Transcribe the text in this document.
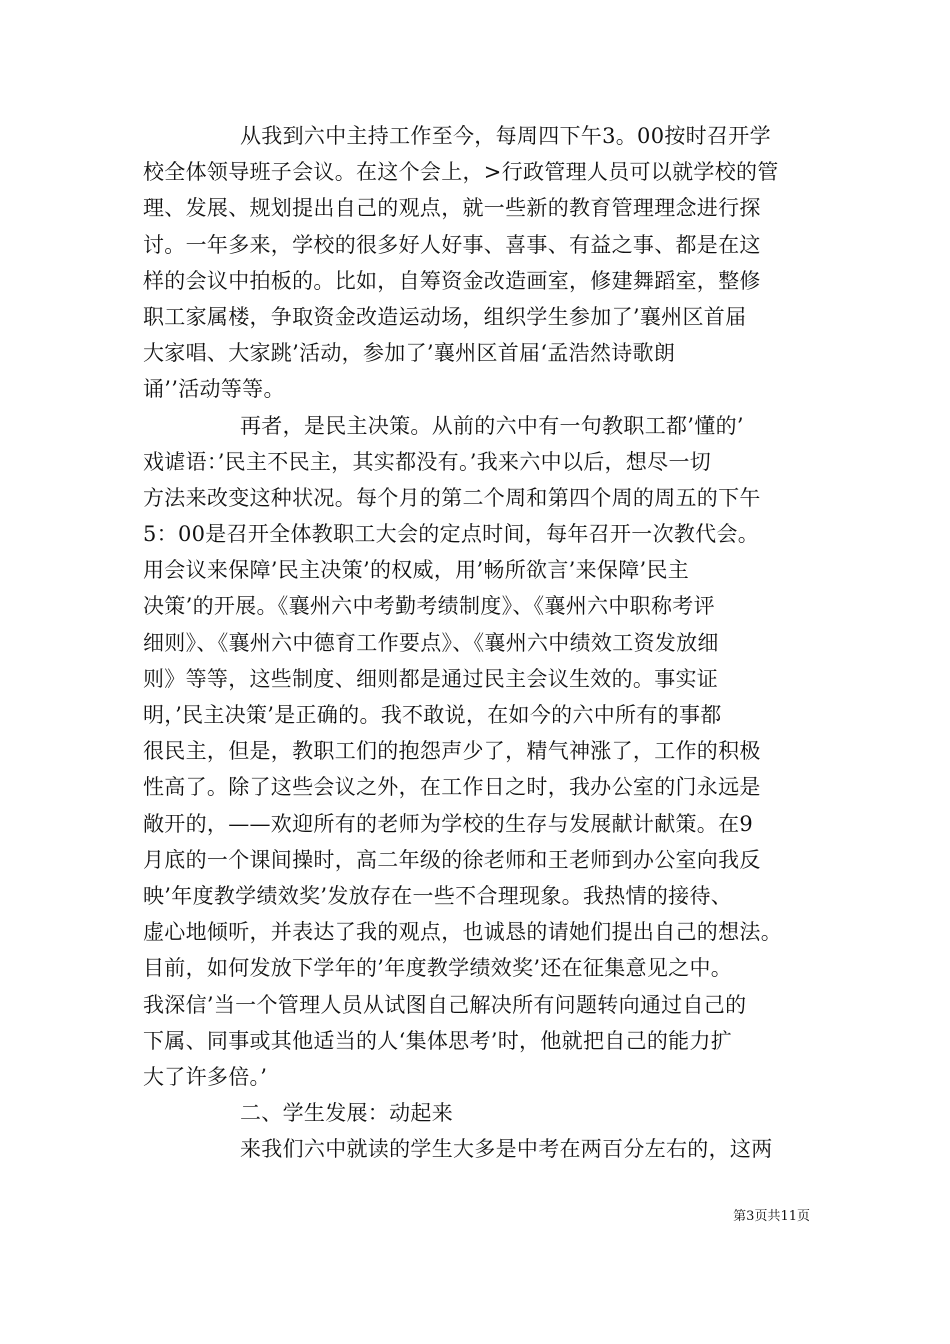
从我到六中主持工作至今，每周四下午3。00按时召开学
校全体领导班子会议。在这个会上，>行政管理人员可以就学校的管
理、发展、规划提出自己的观点，就一些新的教育管理理念进行探
讨。一年多来，学校的很多好人好事、喜事、有益之事、都是在这
样的会议中拍板的。比如，自筹资金改造画室，修建舞蹈室，整修
职工家属楼，争取资金改造运动场，组织学生参加了’襄州区首届
大家唱、大家跳’活动，参加了’襄州区首届‘孟浩然诗歌朗
诵’’活动等等。
再者，是民主决策。从前的六中有一句教职工都’懂的’
戏谑语：’民主不民主，其实都没有。’我来六中以后，想尽一切
方法来改变这种状况。每个月的第二个周和第四个周的周五的下午
5：00是召开全体教职工大会的定点时间，每年召开一次教代会。
用会议来保障’民主决策’的权威，用’畅所欲言’来保障’民主
决策’的开展。《襄州六中考勤考绩制度》、《襄州六中职称考评
细则》、《襄州六中德育工作要点》、《襄州六中绩效工资发放细
则》等等，这些制度、细则都是通过民主会议生效的。事实证
明，’民主决策’是正确的。我不敢说，在如今的六中所有的事都
很民主，但是，教职工们的抱怨声少了，精气神涨了，工作的积极
性高了。除了这些会议之外，在工作日之时，我办公室的门永远是
敞开的，——欢迎所有的老师为学校的生存与发展献计献策。在9
月底的一个课间操时，高二年级的徐老师和王老师到办公室向我反
映’年度教学绩效奖’发放存在一些不合理现象。我热情的接待、
虚心地倾听，并表达了我的观点，也诚恳的请她们提出自己的想法。
目前，如何发放下学年的’年度教学绩效奖’还在征集意见之中。
我深信’当一个管理人员从试图自己解决所有问题转向通过自己的
下属、同事或其他适当的人‘集体思考’时，他就把自己的能力扩
大了许多倍。’
二、学生发展：动起来
来我们六中就读的学生大多是中考在两百分左右的，这两
第3页共11页
